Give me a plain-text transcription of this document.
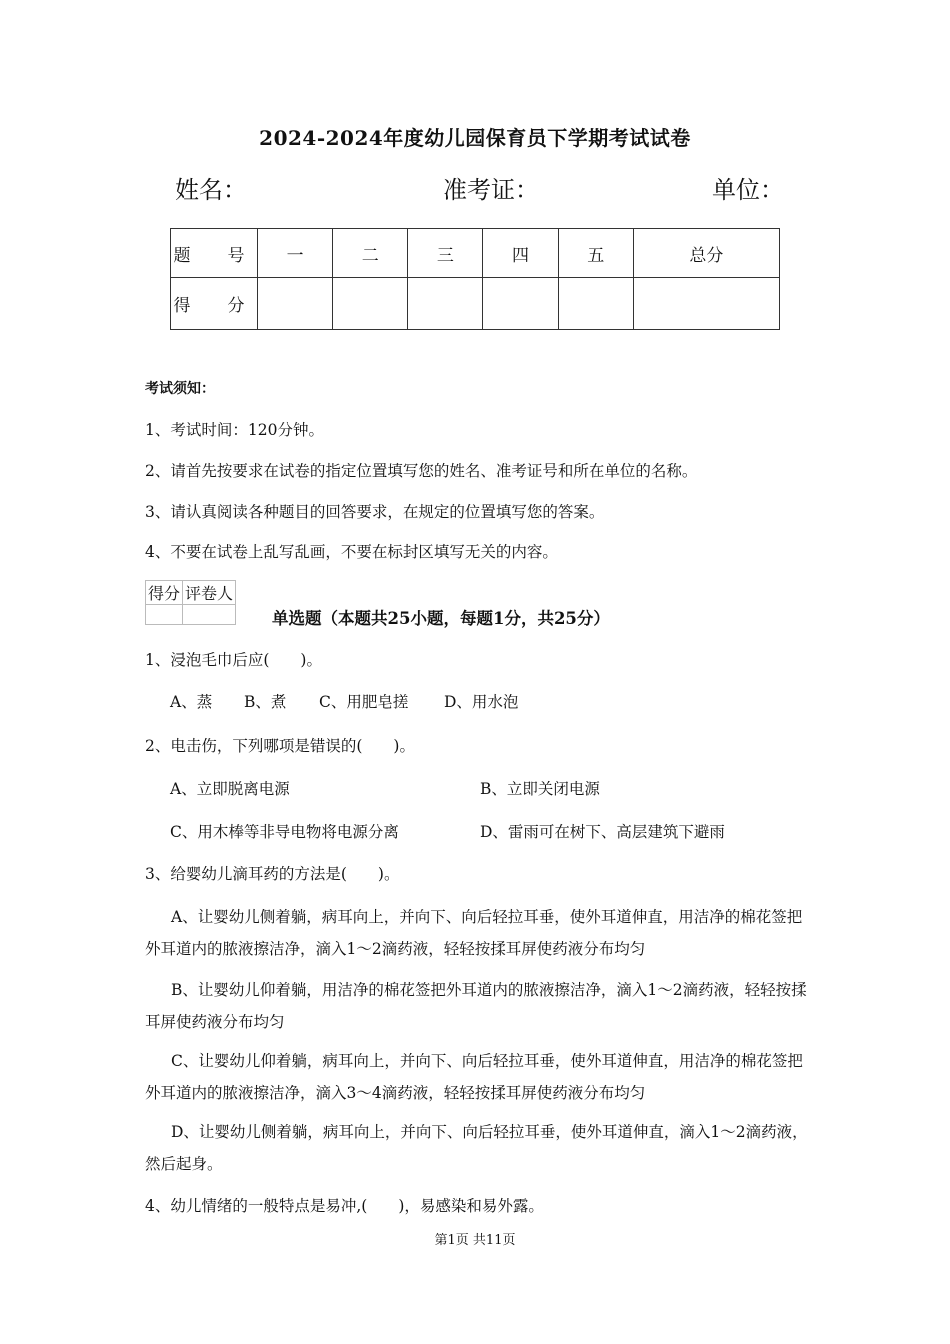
2024-2024年度幼儿园保育员下学期考试试卷
姓名：	准考证：	单位：
题　号	一	二	三	四	五	总分
得　分						
考试须知：
1、考试时间：120分钟。
2、请首先按要求在试卷的指定位置填写您的姓名、准考证号和所在单位的名称。
3、请认真阅读各种题目的回答要求，在规定的位置填写您的答案。
4、不要在试卷上乱写乱画，不要在标封区填写无关的内容。
得分	评卷人

单选题（本题共25小题，每题1分，共25分）
1、浸泡毛巾后应(　　)。
A、蒸 B、煮 C、用肥皂搓 D、用水泡
2、电击伤，下列哪项是错误的(　　)。
A、立即脱离电源	B、立即关闭电源
C、用木棒等非导电物将电源分离	D、雷雨可在树下、高层建筑下避雨
3、给婴幼儿滴耳药的方法是(　　)。
A、让婴幼儿侧着躺，病耳向上，并向下、向后轻拉耳垂，使外耳道伸直，用洁净的棉花签把外耳道内的脓液擦洁净，滴入1～2滴药液，轻轻按揉耳屏使药液分布均匀
B、让婴幼儿仰着躺，用洁净的棉花签把外耳道内的脓液擦洁净，滴入1～2滴药液，轻轻按揉耳屏使药液分布均匀
C、让婴幼儿仰着躺，病耳向上，并向下、向后轻拉耳垂，使外耳道伸直，用洁净的棉花签把外耳道内的脓液擦洁净，滴入3～4滴药液，轻轻按揉耳屏使药液分布均匀
D、让婴幼儿侧着躺，病耳向上，并向下、向后轻拉耳垂，使外耳道伸直，滴入1～2滴药液，然后起身。
4、幼儿情绪的一般特点是易冲,(　　)，易感染和易外露。
第1页 共11页
